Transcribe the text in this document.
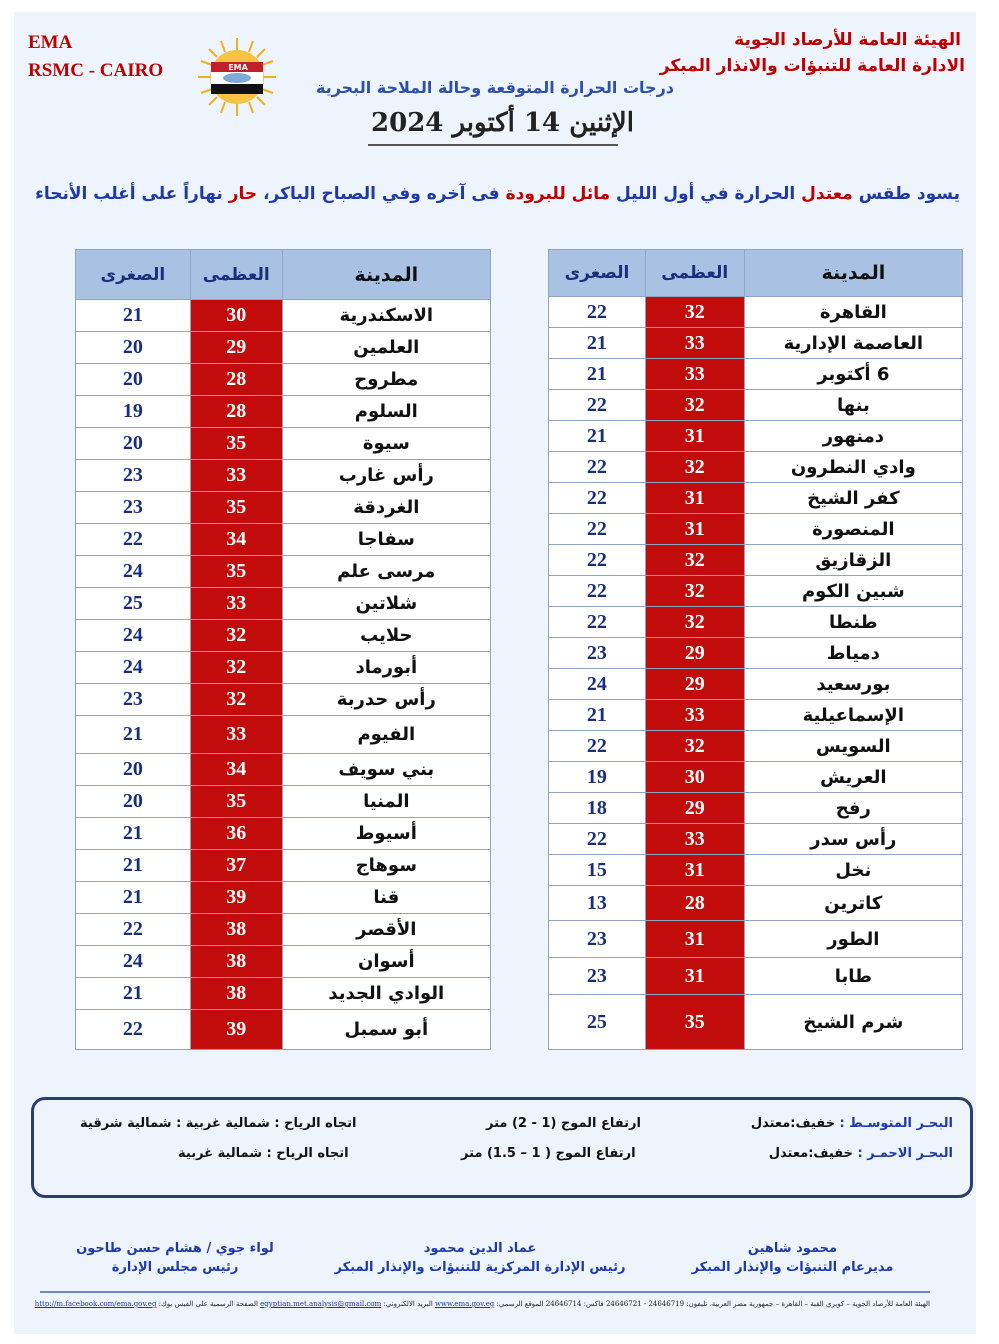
EMA
RSMC - CAIRO	EMA
الهيئة العامة للأرصاد الجوية
الادارة العامة للتنبؤات والانذار المبكر
درجات الحرارة المتوقعة وحالة الملاحة البحرية
الإثنين 14 أكتوبر 2024
يسود طقس معتدل الحرارة في أول الليل مائل للبرودة فى آخره وفي الصباح الباكر، حار نهاراً على أغلب الأنحاء
المدينة	العظمى	الصغرى
القاهرة	32	22
العاصمة الإدارية	33	21
6 أكتوبر	33	21
بنها	32	22
دمنهور	31	21
وادي النطرون	32	22
كفر الشيخ	31	22
المنصورة	31	22
الزقازيق	32	22
شبين الكوم	32	22
طنطا	32	22
دمياط	29	23
بورسعيد	29	24
الإسماعيلية	33	21
السويس	32	22
العريش	30	19
رفح	29	18
رأس سدر	33	22
نخل	31	15
كاترين	28	13
الطور	31	23
طابا	31	23
شرم الشيخ	35	25
المدينة	العظمى	الصغرى
الاسكندرية	30	21
العلمين	29	20
مطروح	28	20
السلوم	28	19
سيوة	35	20
رأس غارب	33	23
الغردقة	35	23
سفاجا	34	22
مرسى علم	35	24
شلاتين	33	25
حلايب	32	24
أبورماد	32	24
رأس حدربة	32	23
الفيوم	33	21
بني سويف	34	20
المنيا	35	20
أسيوط	36	21
سوهاج	37	21
قنا	39	21
الأقصر	38	22
أسوان	38	24
الوادي الجديد	38	21
أبو سمبل	39	22
البحـر المتوسـط : خفيف:معتدل
ارتفاع الموج (1 - 2) متر
اتجاه الرياح : شمالية غربية : شمالية شرقية
البحـر الاحمـر : خفيف:معتدل
ارتفاع الموج ( 1 – 1.5) متر
اتجاه الرياح : شمالية غربية
محمود شاهين
مديرعام التنبؤات والإنذار المبكر
عماد الدين محمود
رئيس الإدارة المركزية للتنبؤات والإنذار المبكر
لواء جوي / هشام حسن طاحون
رئيس مجلس الإدارة
الهيئة العامة للأرصاد الجوية – كوبري القبة – القاهرة – جمهورية مصر العربية، تليفون: 24646719 - 24646721 فاكس: 24646714 الموقع الرسمي: www.ema.gov.eg البريد الالكتروني: egyptian.met.analysis@gmail.com الصفحة الرسمية على الفيس بوك: http://m.facebook.com/ema.gov.eg
